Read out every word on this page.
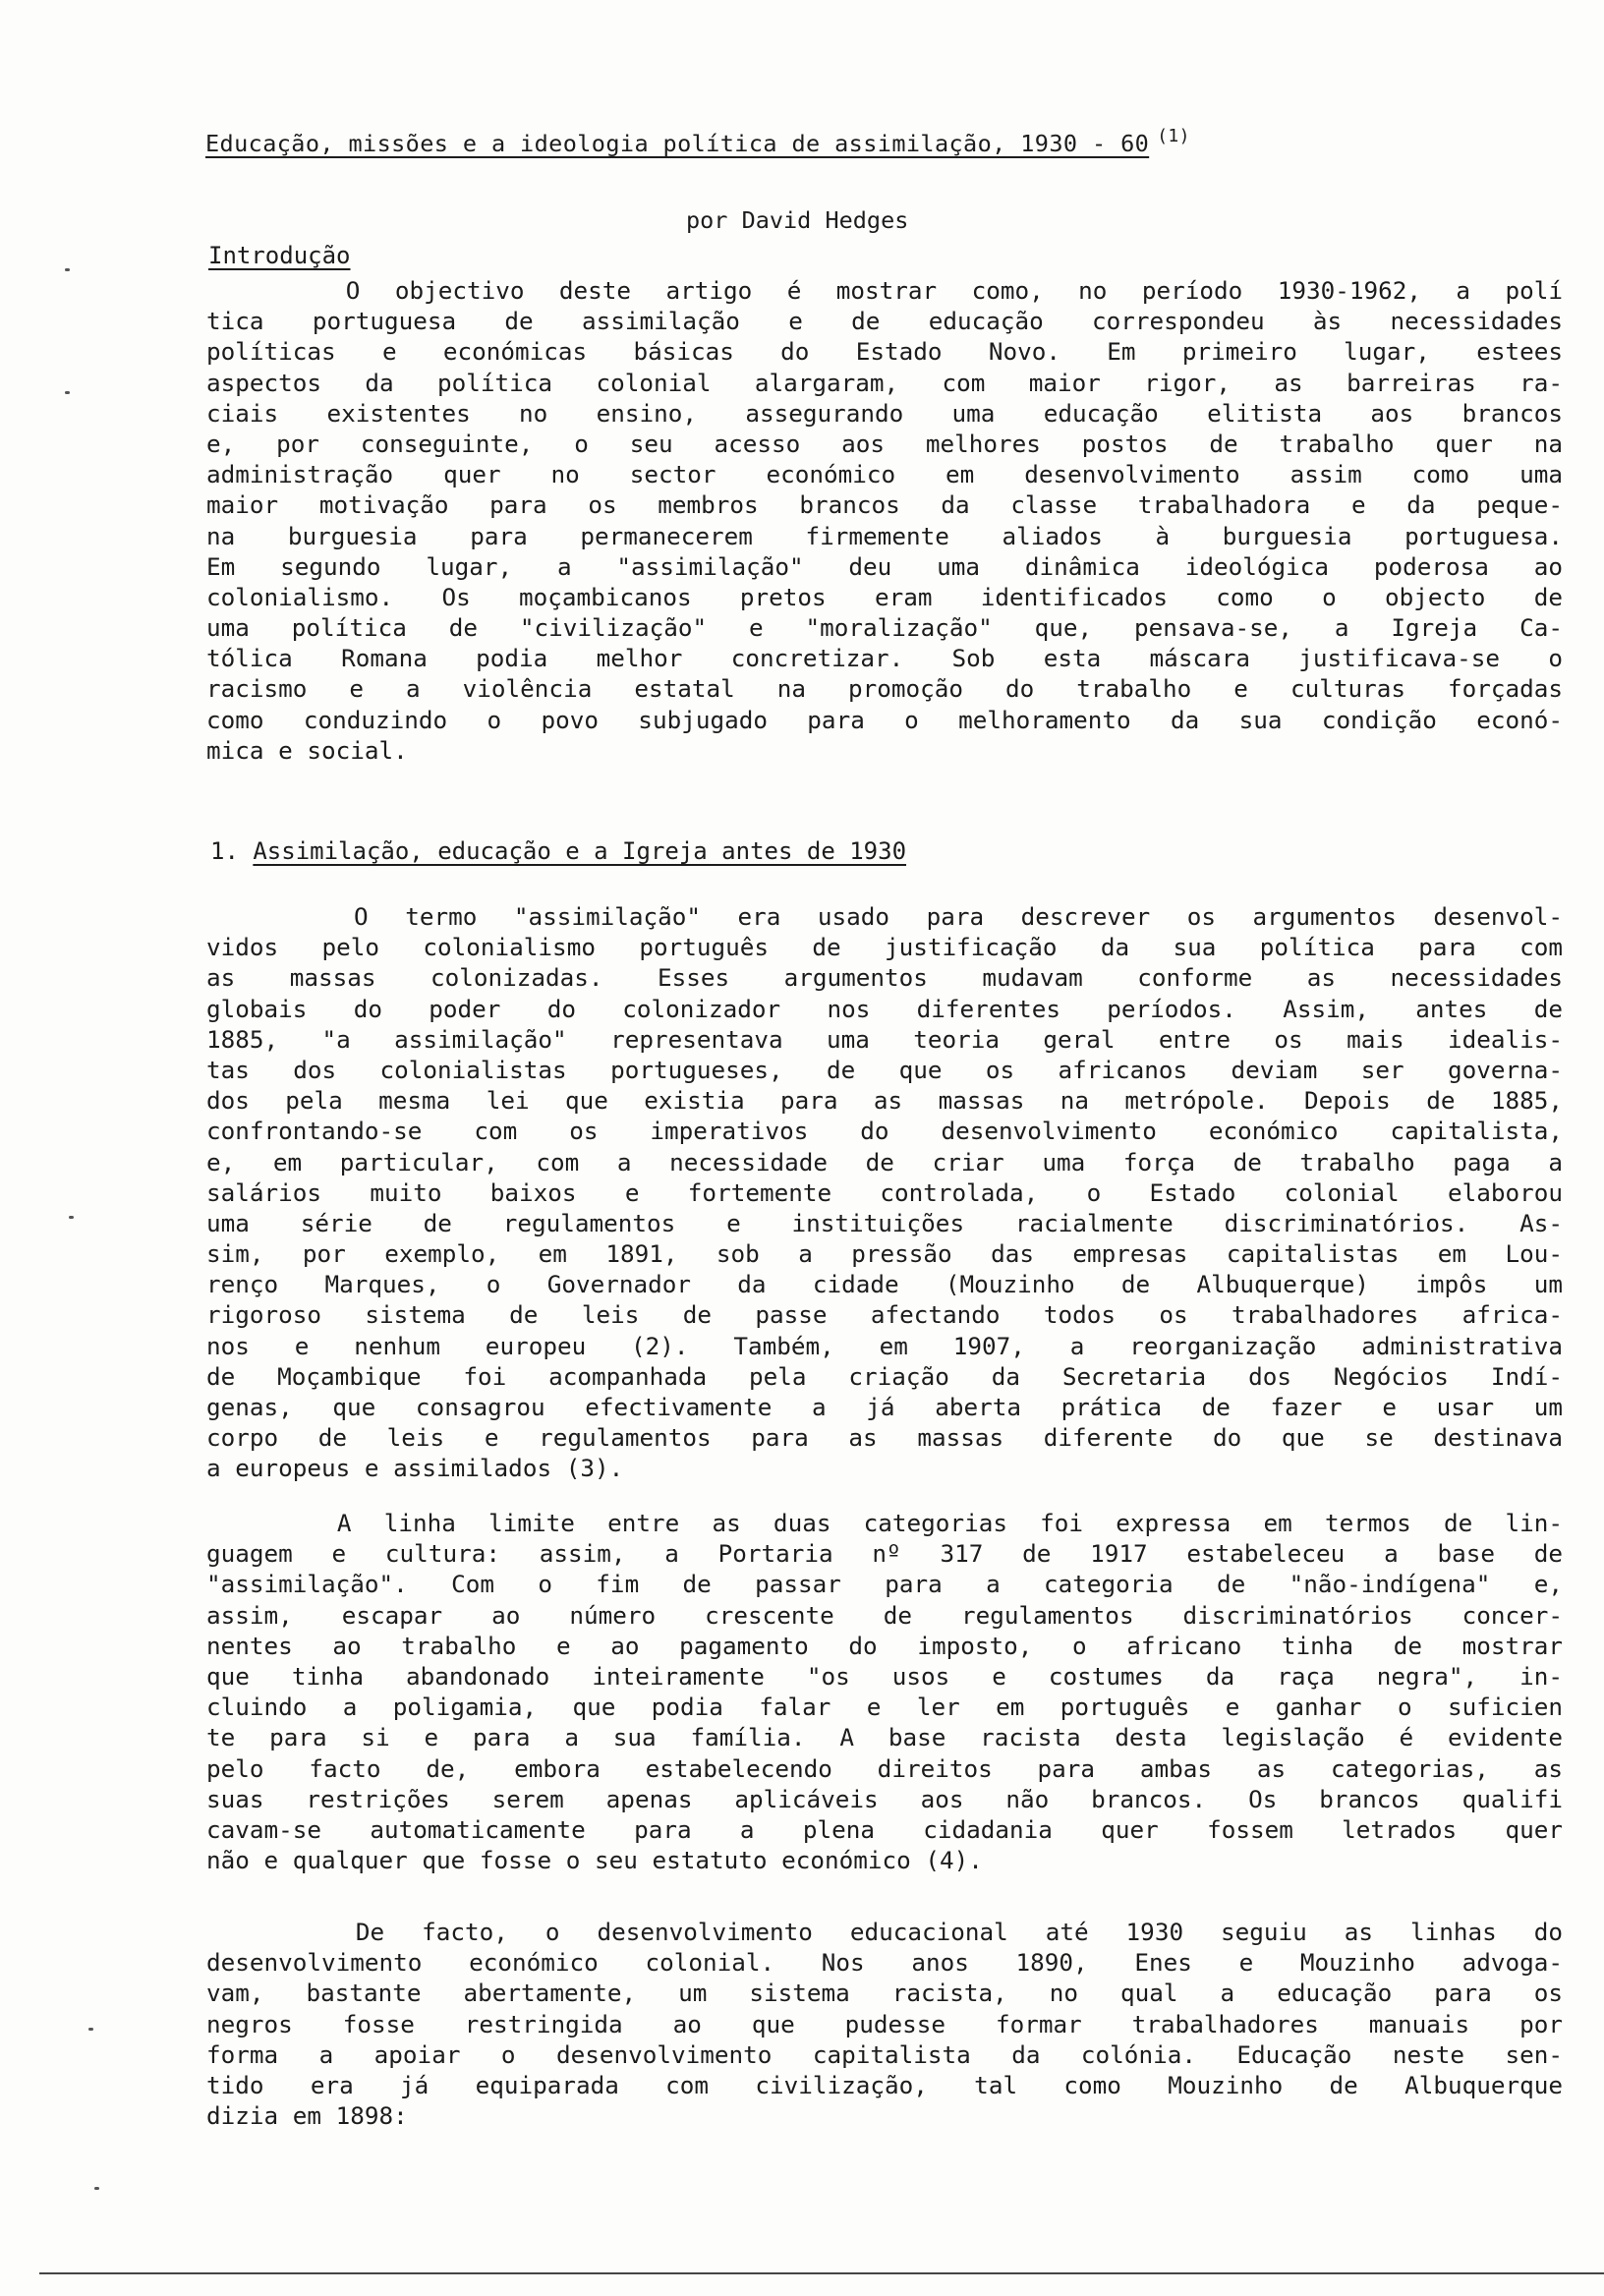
Educação, missões e a ideologia política de assimilação, 1930 - 60 $^{(1)}$
por David Hedges
Introdução
O objectivo deste artigo é mostrar como, no período 1930-1962, a polí
tica portuguesa de assimilação e de educação correspondeu às necessidades
políticas e económicas básicas do Estado Novo. Em primeiro lugar, estees
aspectos da política colonial alargaram, com maior rigor, as barreiras ra-
ciais existentes no ensino, assegurando uma educação elitista aos brancos
e, por conseguinte, o seu acesso aos melhores postos de trabalho quer na
administração quer no sector económico em desenvolvimento assim como uma
maior motivação para os membros brancos da classe trabalhadora e da peque-
na burguesia para permanecerem firmemente aliados à burguesia portuguesa.
Em segundo lugar, a "assimilação" deu uma dinâmica ideológica poderosa ao
colonialismo. Os moçambicanos pretos eram identificados como o objecto de
uma política de "civilização" e "moralização" que, pensava-se, a Igreja Ca-
tólica Romana podia melhor concretizar. Sob esta máscara justificava-se o
racismo e a violência estatal na promoção do trabalho e culturas forçadas
como conduzindo o povo subjugado para o melhoramento da sua condição econó-
mica e social.
1. Assimilação, educação e a Igreja antes de 1930
O termo "assimilação" era usado para descrever os argumentos desenvol-
vidos pelo colonialismo português de justificação da sua política para com
as massas colonizadas. Esses argumentos mudavam conforme as necessidades
globais do poder do colonizador nos diferentes períodos. Assim, antes de
1885, "a assimilação" representava uma teoria geral entre os mais idealis-
tas dos colonialistas portugueses, de que os africanos deviam ser governa-
dos pela mesma lei que existia para as massas na metrópole. Depois de 1885,
confrontando-se com os imperativos do desenvolvimento económico capitalista,
e, em particular, com a necessidade de criar uma força de trabalho paga a
salários muito baixos e fortemente controlada, o Estado colonial elaborou
uma série de regulamentos e instituições racialmente discriminatórios. As-
sim, por exemplo, em 1891, sob a pressão das empresas capitalistas em Lou-
renço Marques, o Governador da cidade (Mouzinho de Albuquerque) impôs um
rigoroso sistema de leis de passe afectando todos os trabalhadores africa-
nos e nenhum europeu (2). Também, em 1907, a reorganização administrativa
de Moçambique foi acompanhada pela criação da Secretaria dos Negócios Indí-
genas, que consagrou efectivamente a já aberta prática de fazer e usar um
corpo de leis e regulamentos para as massas diferente do que se destinava
a europeus e assimilados (3).
A linha limite entre as duas categorias foi expressa em termos de lin-
guagem e cultura: assim, a Portaria nº 317 de 1917 estabeleceu a base de
"assimilação". Com o fim de passar para a categoria de "não-indígena" e,
assim, escapar ao número crescente de regulamentos discriminatórios concer-
nentes ao trabalho e ao pagamento do imposto, o africano tinha de mostrar
que tinha abandonado inteiramente "os usos e costumes da raça negra", in-
cluindo a poligamia, que podia falar e ler em português e ganhar o suficien
te para si e para a sua família. A base racista desta legislação é evidente
pelo facto de, embora estabelecendo direitos para ambas as categorias, as
suas restrições serem apenas aplicáveis aos não brancos. Os brancos qualifi
cavam-se automaticamente para a plena cidadania quer fossem letrados quer
não e qualquer que fosse o seu estatuto económico (4).
De facto, o desenvolvimento educacional até 1930 seguiu as linhas do
desenvolvimento económico colonial. Nos anos 1890, Enes e Mouzinho advoga-
vam, bastante abertamente, um sistema racista, no qual a educação para os
negros fosse restringida ao que pudesse formar trabalhadores manuais por
forma a apoiar o desenvolvimento capitalista da colónia. Educação neste sen-
tido era já equiparada com civilização, tal como Mouzinho de Albuquerque
dizia em 1898:
